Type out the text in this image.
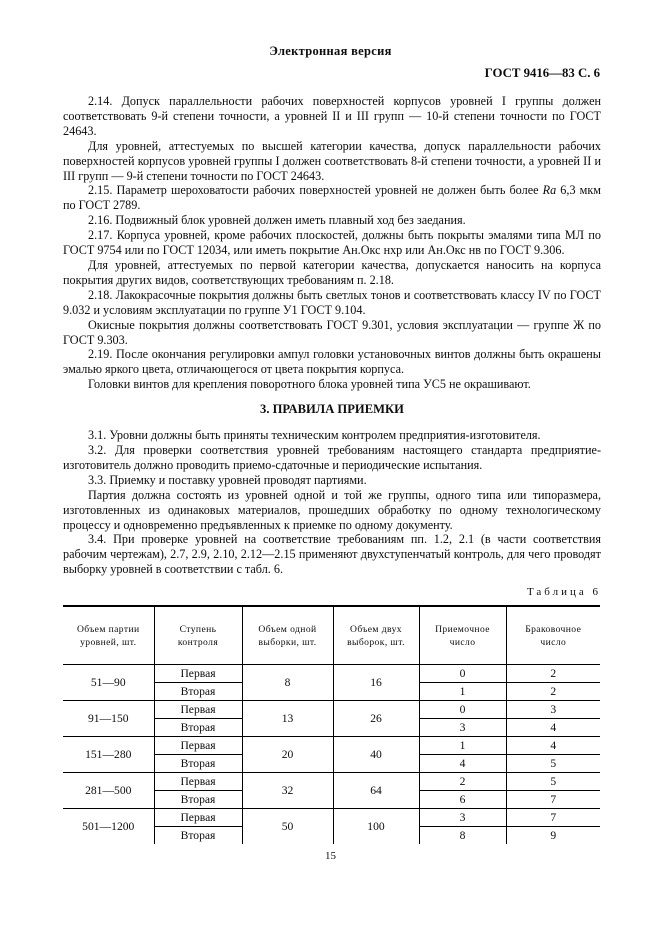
Электронная версия
ГОСТ 9416—83 С. 6

2.14. Допуск параллельности рабочих поверхностей корпусов уровней I группы должен соответствовать 9-й степени точности, а уровней II и III групп — 10-й степени точности по ГОСТ 24643.

Для уровней, аттестуемых по высшей категории качества, допуск параллельности рабочих поверхностей корпусов уровней группы I должен соответствовать 8-й степени точности, а уровней II и III групп — 9-й степени точности по ГОСТ 24643.

2.15. Параметр шероховатости рабочих поверхностей уровней не должен быть более Ra 6,3 мкм по ГОСТ 2789.

2.16. Подвижный блок уровней должен иметь плавный ход без заедания.

2.17. Корпуса уровней, кроме рабочих плоскостей, должны быть покрыты эмалями типа МЛ по ГОСТ 9754 или по ГОСТ 12034, или иметь покрытие Ан.Окс нхр или Ан.Окс нв по ГОСТ 9.306.

Для уровней, аттестуемых по первой категории качества, допускается наносить на корпуса покрытия других видов, соответствующих требованиям п. 2.18.

2.18. Лакокрасочные покрытия должны быть светлых тонов и соответствовать классу IV по ГОСТ 9.032 и условиям эксплуатации по группе У1 ГОСТ 9.104.

Окисные покрытия должны соответствовать ГОСТ 9.301, условия эксплуатации — группе Ж по ГОСТ 9.303.

2.19. После окончания регулировки ампул головки установочных винтов должны быть окрашены эмалью яркого цвета, отличающегося от цвета покрытия корпуса.

Головки винтов для крепления поворотного блока уровней типа УС5 не окрашивают.

3. ПРАВИЛА ПРИЕМКИ

3.1. Уровни должны быть приняты техническим контролем предприятия-изготовителя.

3.2. Для проверки соответствия уровней требованиям настоящего стандарта предприятие-изготовитель должно проводить приемо-сдаточные и периодические испытания.

3.3. Приемку и поставку уровней проводят партиями.

Партия должна состоять из уровней одной и той же группы, одного типа или типоразмера, изготовленных из одинаковых материалов, прошедших обработку по одному технологическому процессу и одновременно предъявленных к приемке по одному документу.

3.4. При проверке уровней на соответствие требованиям пп. 1.2, 2.1 (в части соответствия рабочим чертежам), 2.7, 2.9, 2.10, 2.12—2.15 применяют двухступенчатый контроль, для чего проводят выборку уровней в соответствии с табл. 6.

Таблица 6
Объем партии уровней, шт.	Ступень контроля	Объем одной выборки, шт.	Объем двух выборок, шт.	Приемочное число	Браковочное число
51—90	Первая	8	16	0	2
	Вторая			1	2
91—150	Первая	13	26	0	3
	Вторая			3	4
151—280	Первая	20	40	1	4
	Вторая			4	5
281—500	Первая	32	64	2	5
	Вторая			6	7
501—1200	Первая	50	100	3	7
	Вторая			8	9
15
